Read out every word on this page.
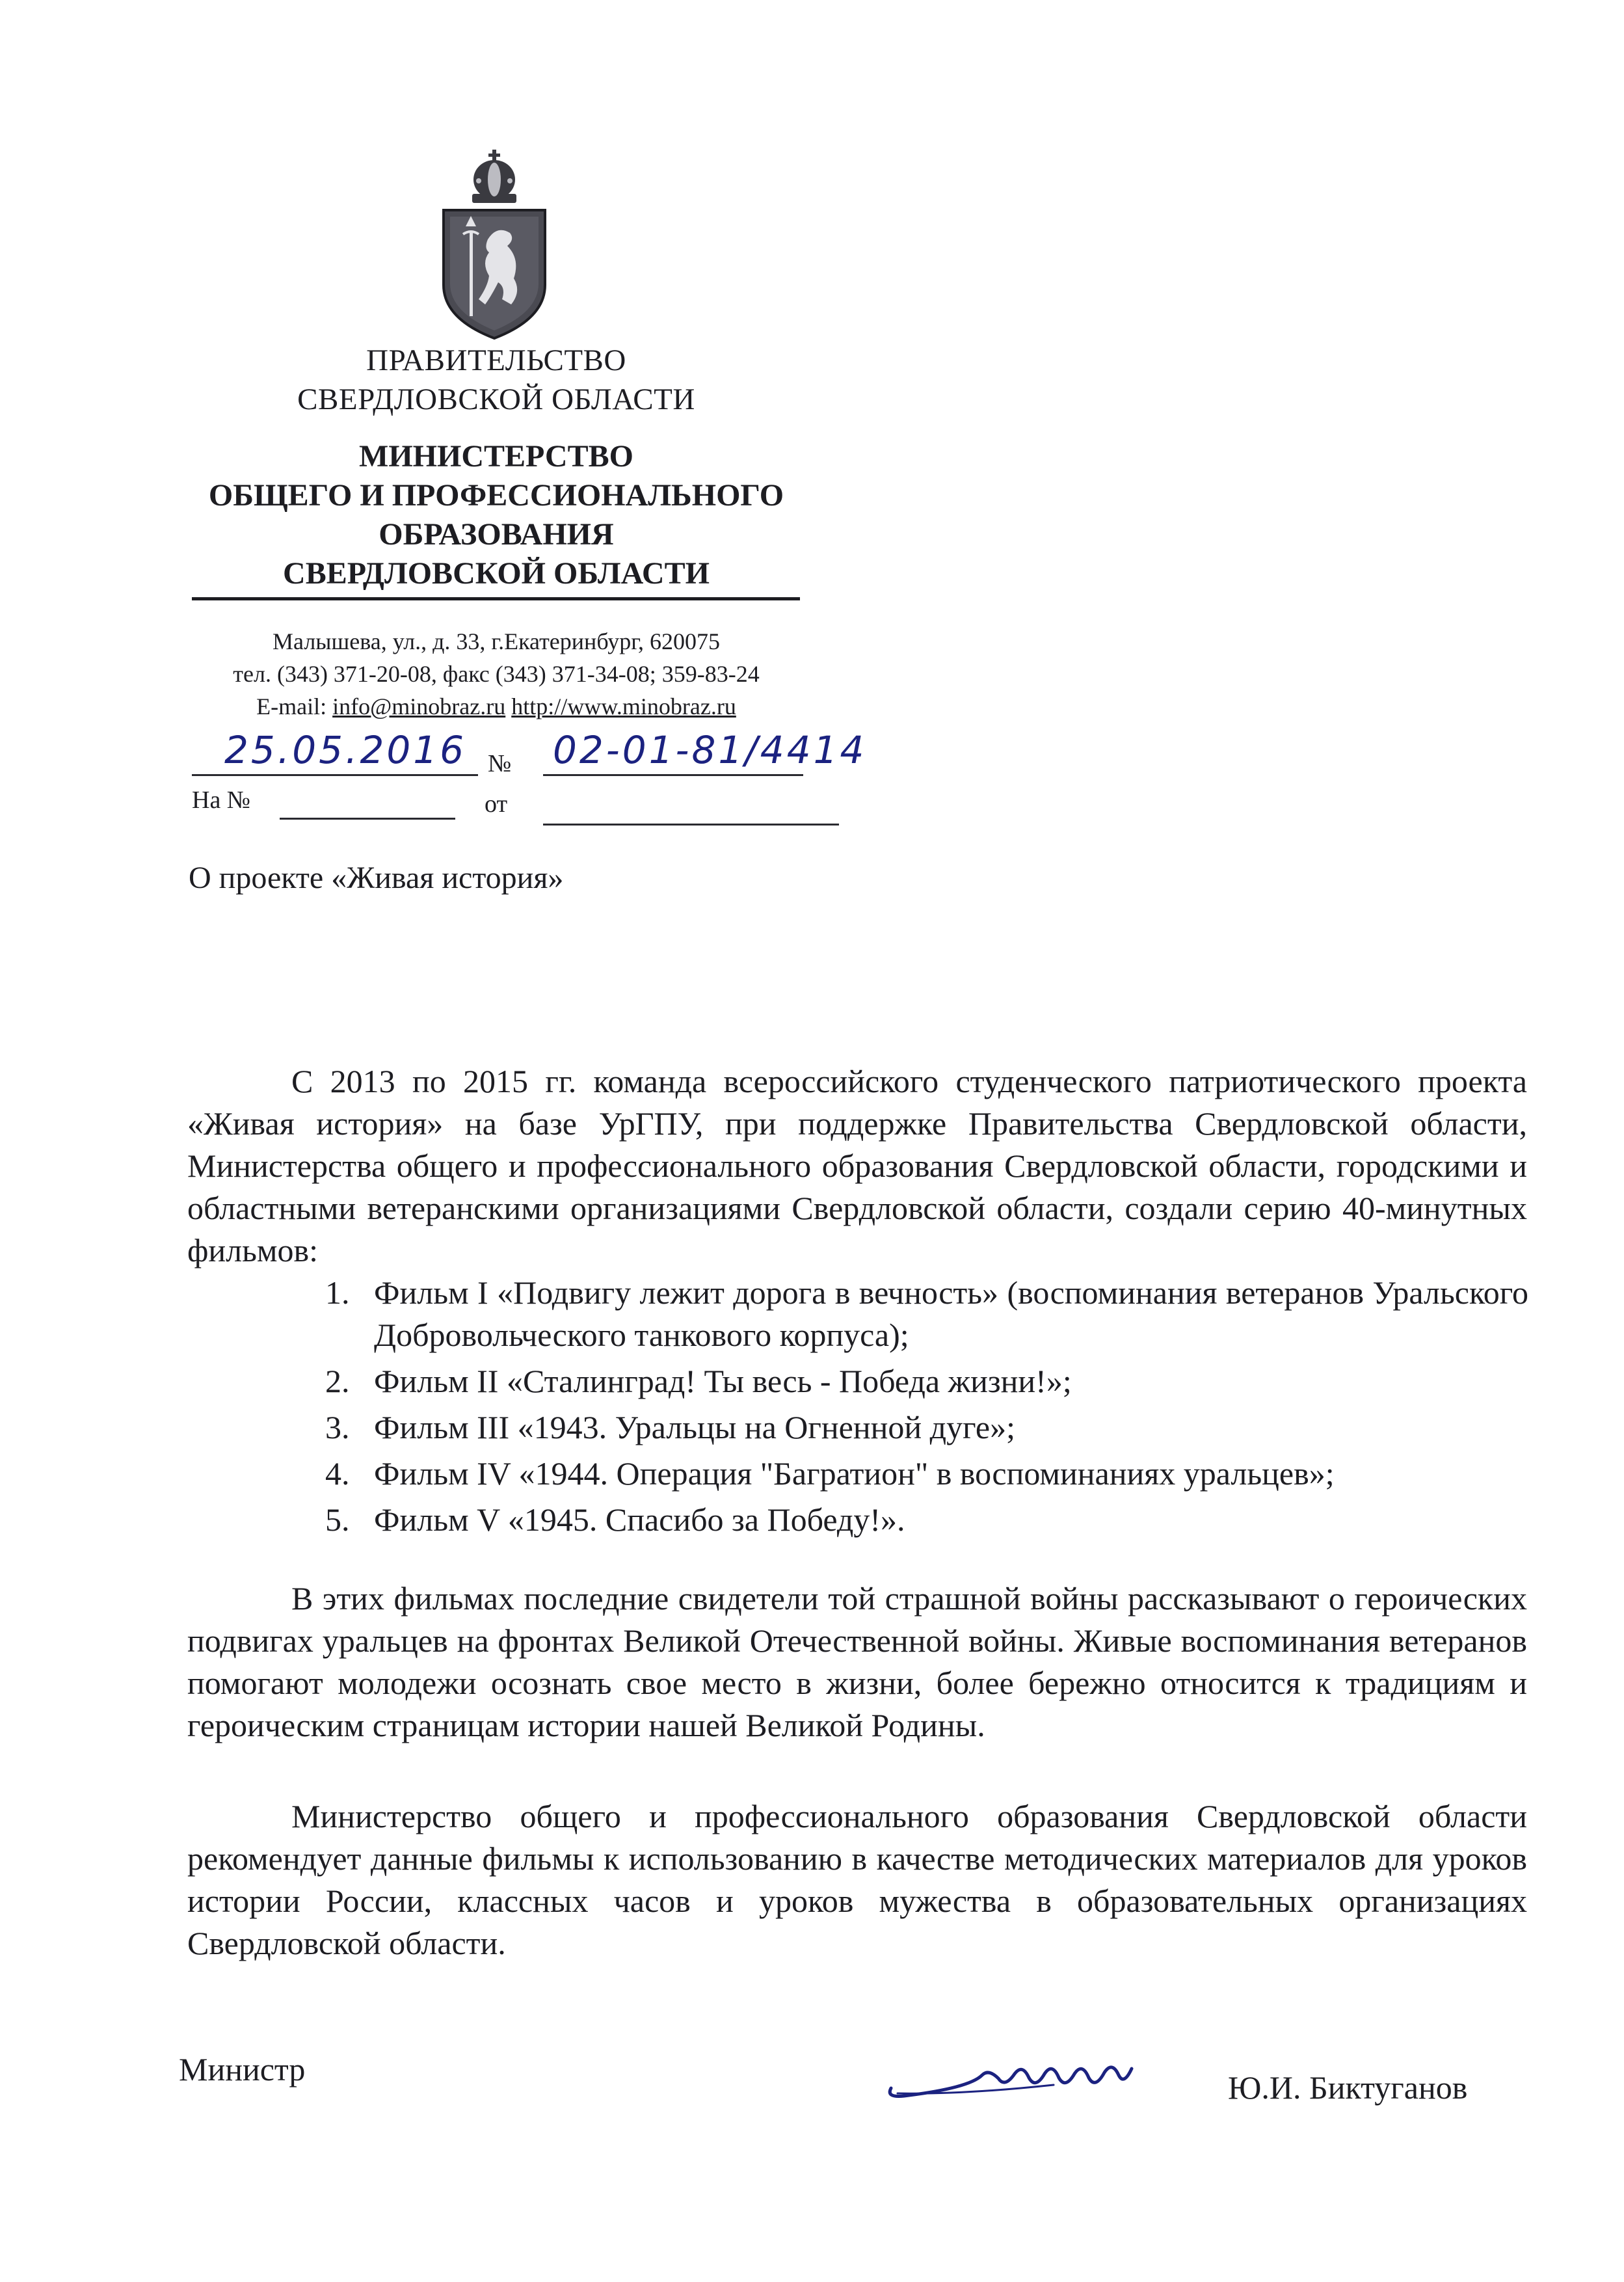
ПРАВИТЕЛЬСТВО
СВЕРДЛОВСКОЙ ОБЛАСТИ
МИНИСТЕРСТВО
ОБЩЕГО И ПРОФЕССИОНАЛЬНОГО
ОБРАЗОВАНИЯ
СВЕРДЛОВСКОЙ ОБЛАСТИ
Малышева, ул., д. 33, г.Екатеринбург, 620075
тел. (343) 371-20-08, факс (343) 371-34-08; 359-83-24
E-mail: info@minobraz.ru http://www.minobraz.ru
25.05.2016 № 02-01-81/4414
На №	от
О проекте «Живая история»

С 2013 по 2015 гг. команда всероссийского студенческого патриотического проекта «Живая история» на базе УрГПУ, при поддержке Правительства Свердловской области, Министерства общего и профессионального образования Свердловской области, городскими и областными ветеранскими организациями Свердловской области, создали серию 40-минутных фильмов:

1. Фильм I «Подвигу лежит дорога в вечность» (воспоминания ветеранов Уральского Добровольческого танкового корпуса);
2. Фильм II «Сталинград! Ты весь - Победа жизни!»;
3. Фильм III «1943. Уральцы на Огненной дуге»;
4. Фильм IV «1944. Операция "Багратион" в воспоминаниях уральцев»;
5. Фильм V «1945. Спасибо за Победу!».

В этих фильмах последние свидетели той страшной войны рассказывают о героических подвигах уральцев на фронтах Великой Отечественной войны. Живые воспоминания ветеранов помогают молодежи осознать свое место в жизни, более бережно относится к традициям и героическим страницам истории нашей Великой Родины.

Министерство общего и профессионального образования Свердловской области рекомендует данные фильмы к использованию в качестве методических материалов для уроков истории России, классных часов и уроков мужества в образовательных организациях Свердловской области.

Министр	Ю.И. Биктуганов
